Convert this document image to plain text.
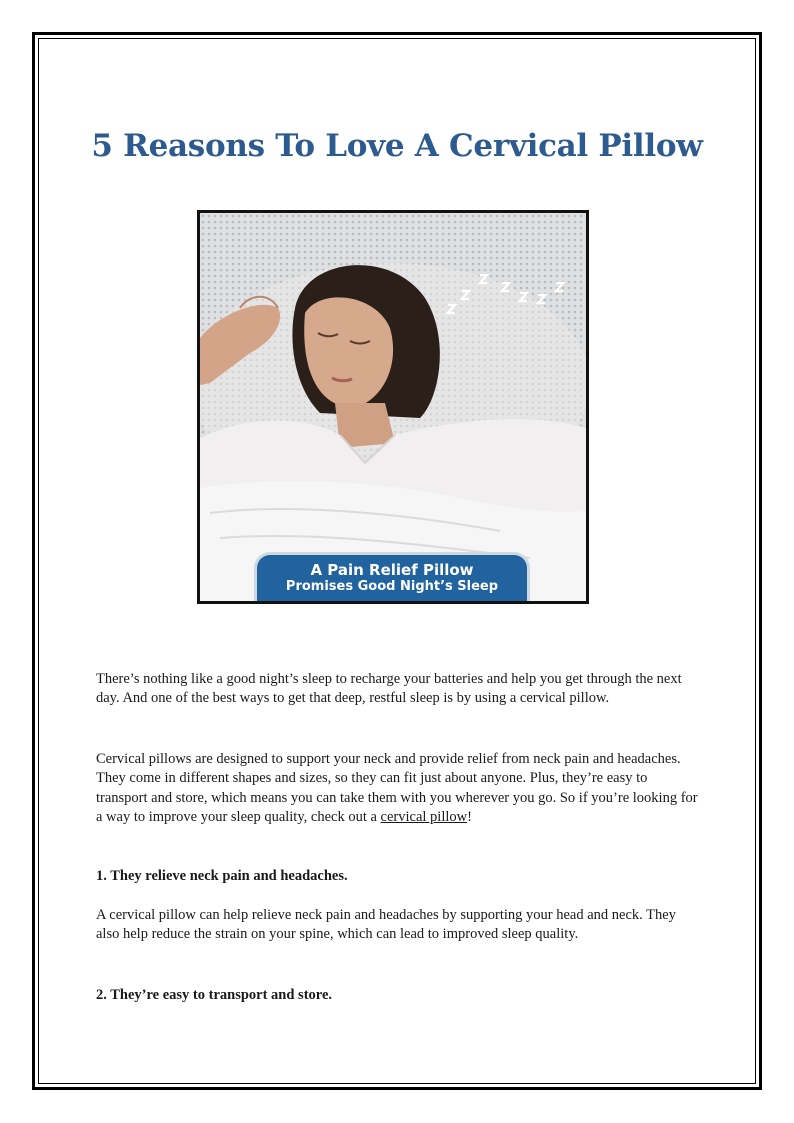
5 Reasons To Love A Cervical Pillow
A Pain Relief Pillow
Promises Good Night’s Sleep

There’s nothing like a good night’s sleep to recharge your batteries and help you get through the next day. And one of the best ways to get that deep, restful sleep is by using a cervical pillow.

Cervical pillows are designed to support your neck and provide relief from neck pain and headaches. They come in different shapes and sizes, so they can fit just about anyone. Plus, they’re easy to transport and store, which means you can take them with you wherever you go. So if you’re looking for a way to improve your sleep quality, check out a cervical pillow!

1. They relieve neck pain and headaches.

A cervical pillow can help relieve neck pain and headaches by supporting your head and neck. They also help reduce the strain on your spine, which can lead to improved sleep quality.

2. They’re easy to transport and store.
